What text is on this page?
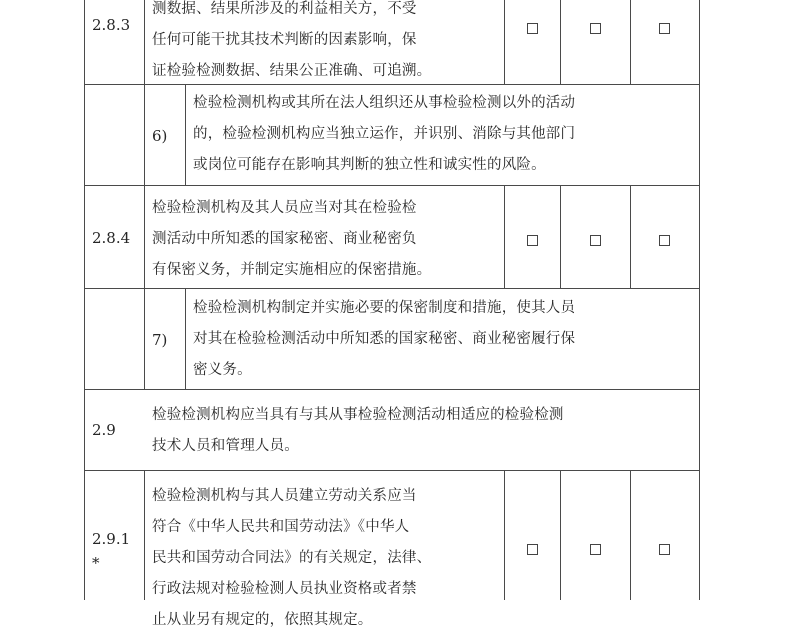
2.8.3
测数据、结果所涉及的利益相关方，不受
任何可能干扰其技术判断的因素影响，保
证检验检测数据、结果公正准确、可追溯。
6)
检验检测机构或其所在法人组织还从事检验检测以外的活动
的，检验检测机构应当独立运作，并识别、消除与其他部门
或岗位可能存在影响其判断的独立性和诚实性的风险。
2.8.4
检验检测机构及其人员应当对其在检验检
测活动中所知悉的国家秘密、商业秘密负
有保密义务，并制定实施相应的保密措施。
7)
检验检测机构制定并实施必要的保密制度和措施，使其人员
对其在检验检测活动中所知悉的国家秘密、商业秘密履行保
密义务。
2.9
检验检测机构应当具有与其从事检验检测活动相适应的检验检测
技术人员和管理人员。
2.9.1
*
检验检测机构与其人员建立劳动关系应当
符合《中华人民共和国劳动法》《中华人
民共和国劳动合同法》的有关规定，法律、
行政法规对检验检测人员执业资格或者禁
止从业另有规定的，依照其规定。
